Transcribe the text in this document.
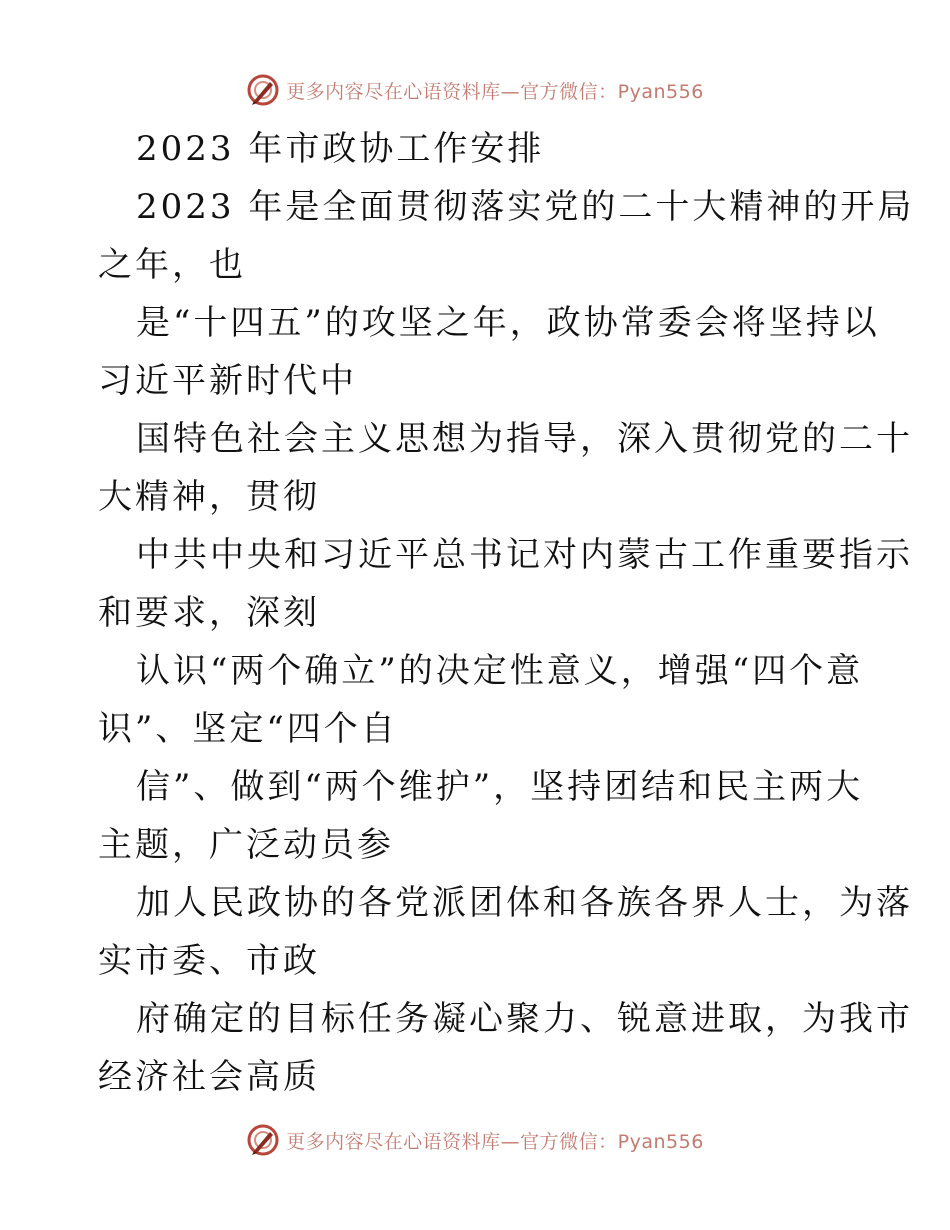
更多内容尽在心语资料库—官方微信：Pyan556
2023 年市政协工作安排
2023 年是全面贯彻落实党的二十大精神的开局
之年，也
是“十四五”的攻坚之年，政协常委会将坚持以
习近平新时代中
国特色社会主义思想为指导，深入贯彻党的二十
大精神，贯彻
中共中央和习近平总书记对内蒙古工作重要指示
和要求，深刻
认识“两个确立”的决定性意义，增强“四个意
识”、坚定“四个自
信”、做到“两个维护”，坚持团结和民主两大
主题，广泛动员参
加人民政协的各党派团体和各族各界人士，为落
实市委、市政
府确定的目标任务凝心聚力、锐意进取，为我市
经济社会高质
更多内容尽在心语资料库—官方微信：Pyan556
